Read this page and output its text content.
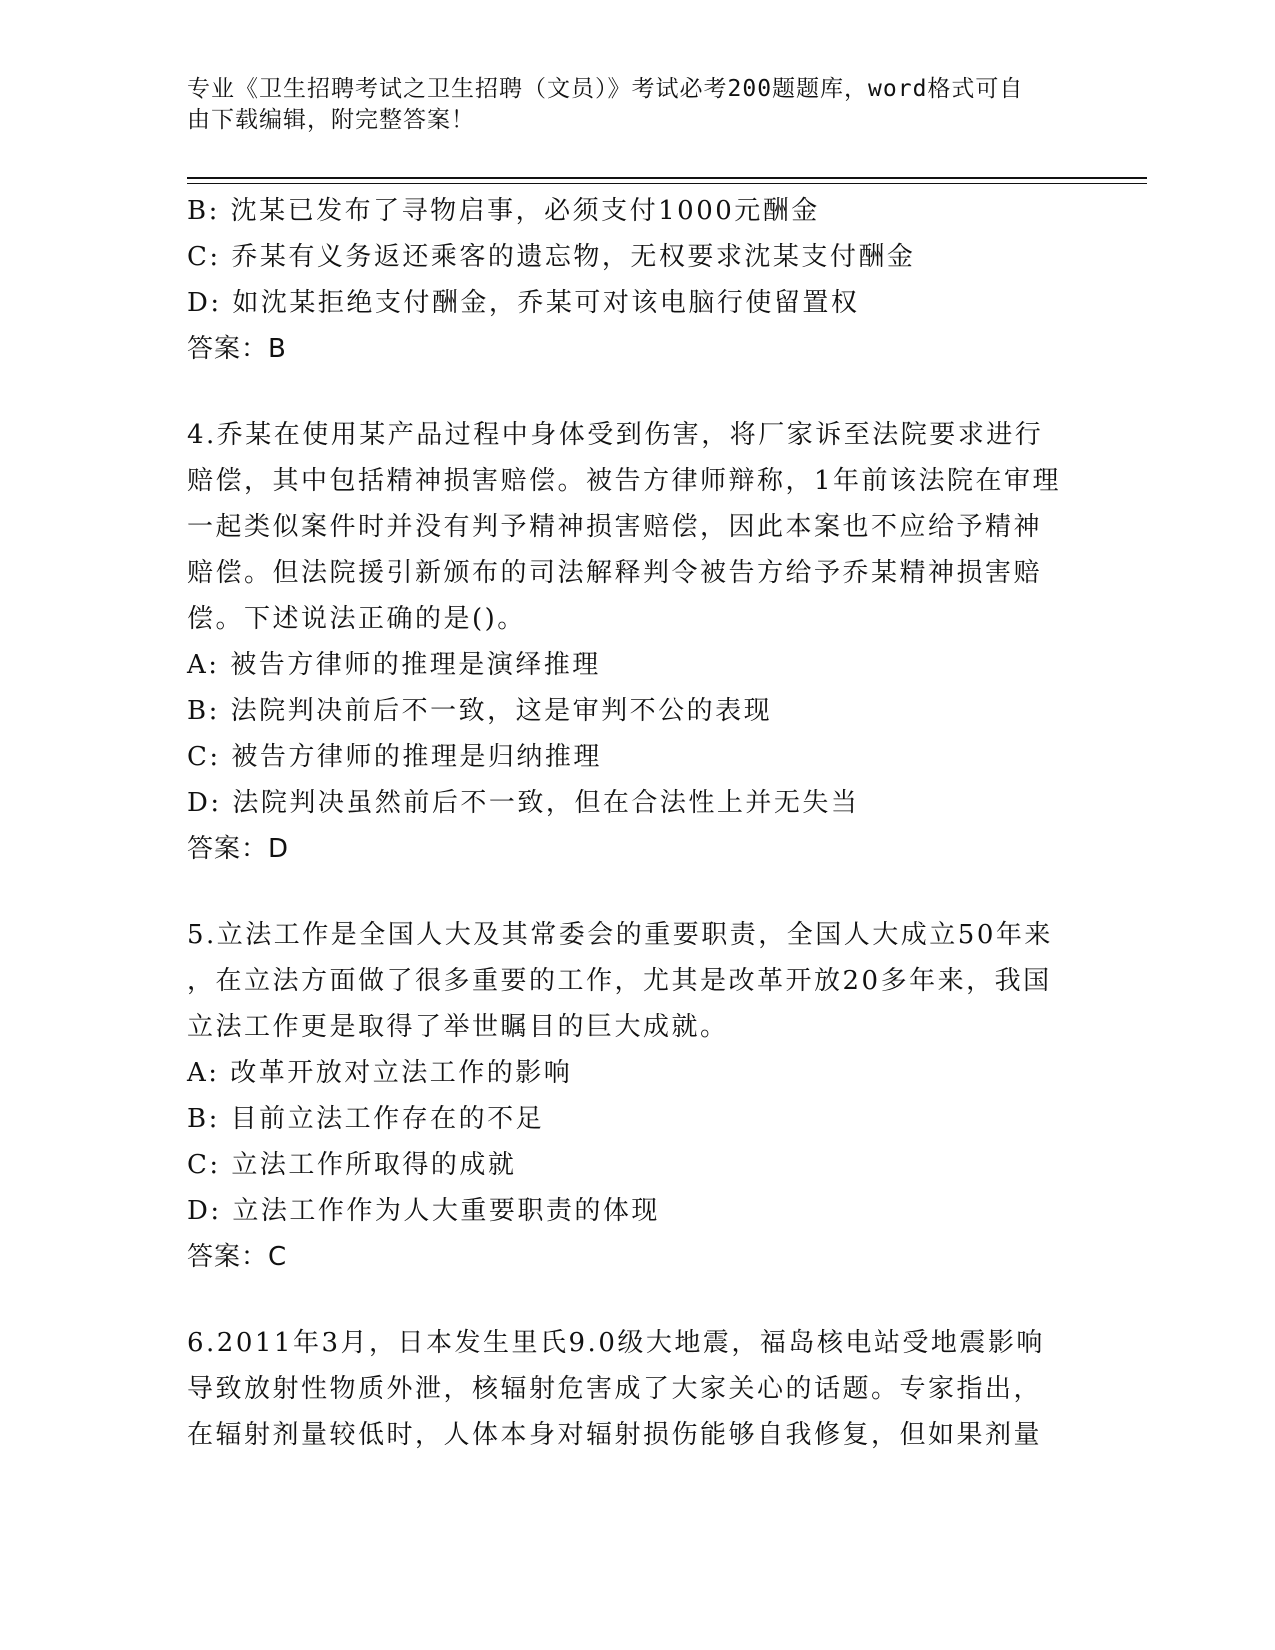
专业《卫生招聘考试之卫生招聘（文员）》考试必考200题题库，word格式可自
由下载编辑，附完整答案！
B: 沈某已发布了寻物启事，必须支付1000元酬金
C: 乔某有义务返还乘客的遗忘物，无权要求沈某支付酬金
D: 如沈某拒绝支付酬金，乔某可对该电脑行使留置权
答案：B
4.乔某在使用某产品过程中身体受到伤害，将厂家诉至法院要求进行
赔偿，其中包括精神损害赔偿。被告方律师辩称，1年前该法院在审理
一起类似案件时并没有判予精神损害赔偿，因此本案也不应给予精神
赔偿。但法院援引新颁布的司法解释判令被告方给予乔某精神损害赔
偿。下述说法正确的是()。
A: 被告方律师的推理是演绎推理
B: 法院判决前后不一致，这是审判不公的表现
C: 被告方律师的推理是归纳推理
D: 法院判决虽然前后不一致，但在合法性上并无失当
答案：D
5.立法工作是全国人大及其常委会的重要职责，全国人大成立50年来
，在立法方面做了很多重要的工作，尤其是改革开放20多年来，我国
立法工作更是取得了举世瞩目的巨大成就。
A: 改革开放对立法工作的影响
B: 目前立法工作存在的不足
C: 立法工作所取得的成就
D: 立法工作作为人大重要职责的体现
答案：C
6.2011年3月，日本发生里氏9.0级大地震，福岛核电站受地震影响
导致放射性物质外泄，核辐射危害成了大家关心的话题。专家指出，
在辐射剂量较低时，人体本身对辐射损伤能够自我修复，但如果剂量
